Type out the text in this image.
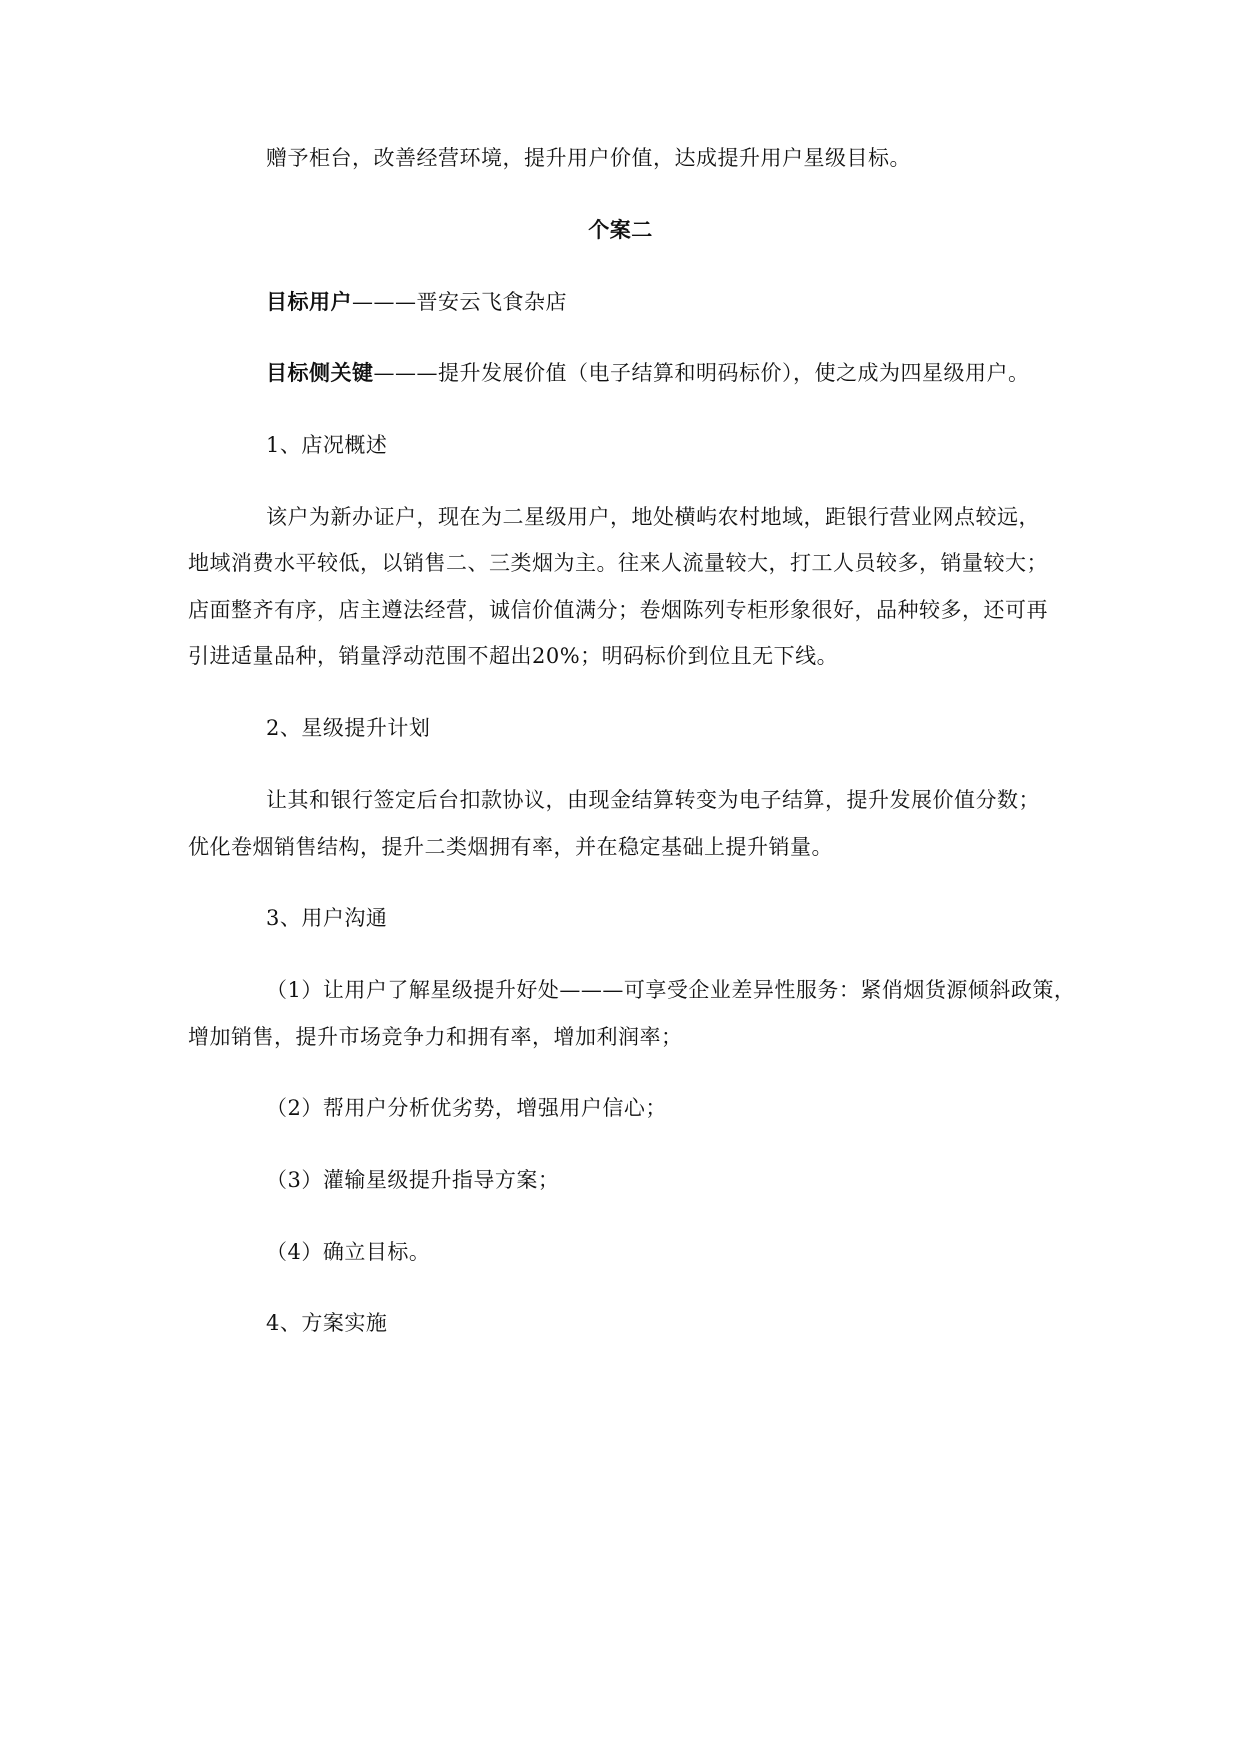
赠予柜台，改善经营环境，提升用户价值，达成提升用户星级目标。
个案二
目标用户———晋安云飞食杂店
目标侧关键———提升发展价值（电子结算和明码标价），使之成为四星级用户。
1、店况概述
该户为新办证户，现在为二星级用户，地处横屿农村地域，距银行营业网点较远，
地域消费水平较低，以销售二、三类烟为主。往来人流量较大，打工人员较多，销量较大；
店面整齐有序，店主遵法经营，诚信价值满分；卷烟陈列专柜形象很好，品种较多，还可再
引进适量品种，销量浮动范围不超出20%；明码标价到位且无下线。
2、星级提升计划
让其和银行签定后台扣款协议，由现金结算转变为电子结算，提升发展价值分数；
优化卷烟销售结构，提升二类烟拥有率，并在稳定基础上提升销量。
3、用户沟通
（1）让用户了解星级提升好处———可享受企业差异性服务：紧俏烟货源倾斜政策，
增加销售，提升市场竞争力和拥有率，增加利润率；
（2）帮用户分析优劣势，增强用户信心；
（3）灌输星级提升指导方案；
（4）确立目标。
4、方案实施
